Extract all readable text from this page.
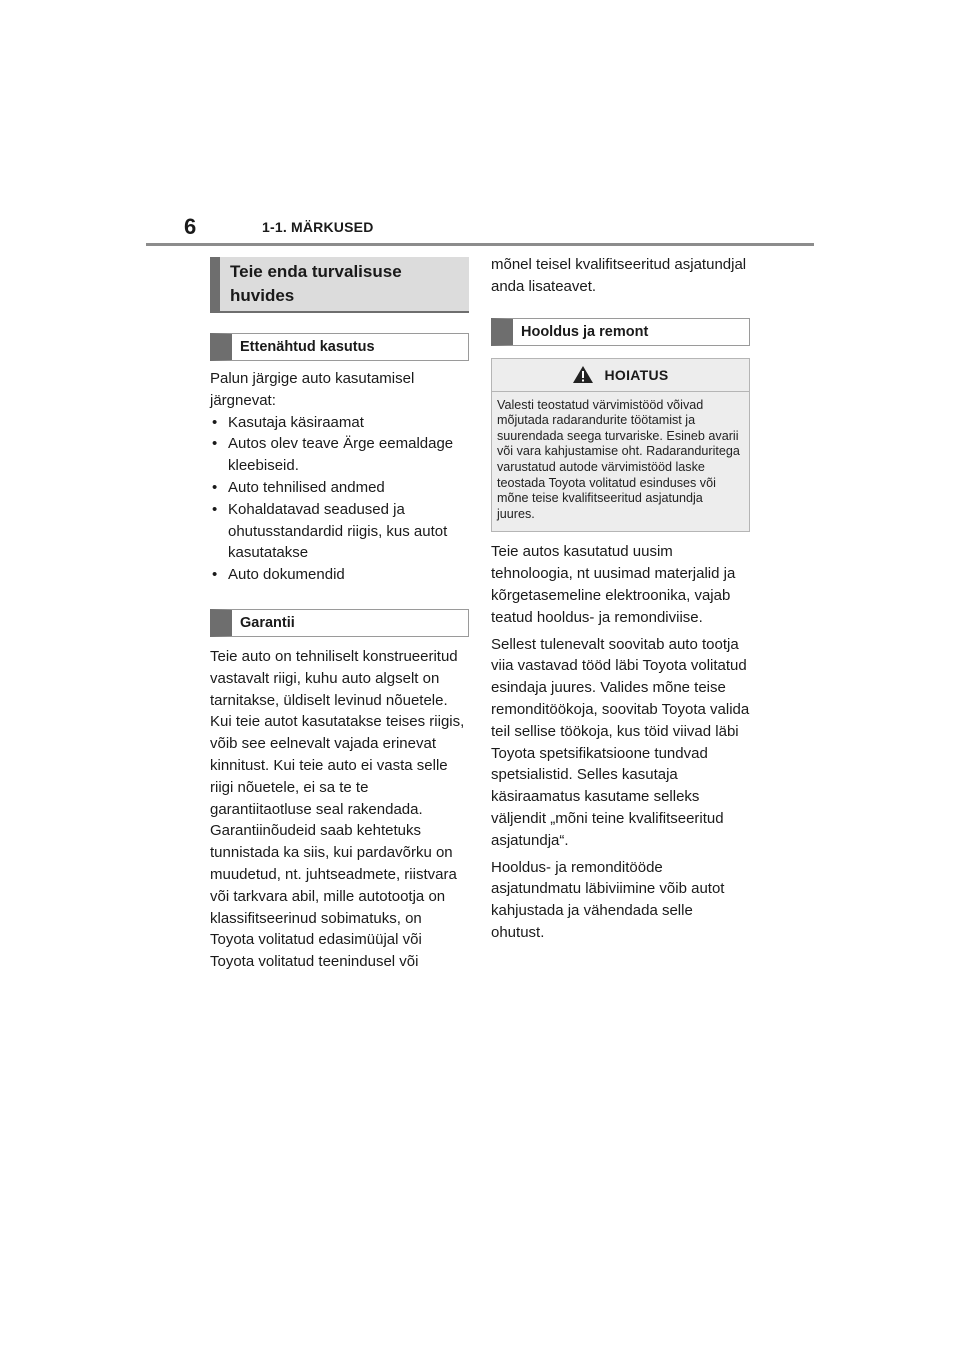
6	1-1. MÄRKUSED
Teie enda turvalisuse huvides
Ettenähtud kasutus

Palun järgige auto kasutamisel järgnevat:

• Kasutaja käsiraamat
• Autos olev teave Ärge eemaldage kleebiseid.
• Auto tehnilised andmed
• Kohaldatavad seadused ja ohutusstandardid riigis, kus autot kasutatakse
• Auto dokumendid
Garantii

Teie auto on tehniliselt konstrueeritud vastavalt riigi, kuhu auto algselt on tarnitakse, üldiselt levinud nõuetele. Kui teie autot kasutatakse teises riigis, võib see eelnevalt vajada erinevat kinnitust. Kui teie auto ei vasta selle riigi nõuetele, ei sa te te garantiitaotluse seal rakendada. Garantiinõudeid saab kehtetuks tunnistada ka siis, kui pardavõrku on muudetud, nt. juhtseadmete, riistvara või tarkvara abil, mille autotootja on klassifitseerinud sobimatuks, on Toyota volitatud edasimüüjal või Toyota volitatud teenindusel või

mõnel teisel kvalifitseeritud asjatundjal anda lisateavet.

Hooldus ja remont
HOIATUS
Valesti teostatud värvimistööd võivad mõjutada radarandurite töötamist ja suurendada seega turvariske. Esineb avarii või vara kahjustamise oht. Radaranduritega varustatud autode värvimistööd laske teostada Toyota volitatud esinduses või mõne teise kvalifitseeritud asjatundja juures.

Teie autos kasutatud uusim tehnoloogia, nt uusimad materjalid ja kõrgetasemeline elektroonika, vajab teatud hooldus- ja remondiviise.

Sellest tulenevalt soovitab auto tootja viia vastavad tööd läbi Toyota volitatud esindaja juures. Valides mõne teise remonditöökoja, soovitab Toyota valida teil sellise töökoja, kus töid viivad läbi Toyota spetsifikatsioone tundvad spetsialistid. Selles kasutaja käsiraamatus kasutame selleks väljendit „mõni teine kvalifitseeritud asjatundja“.

Hooldus- ja remonditööde asjatundmatu läbiviimine võib autot kahjustada ja vähendada selle ohutust.
